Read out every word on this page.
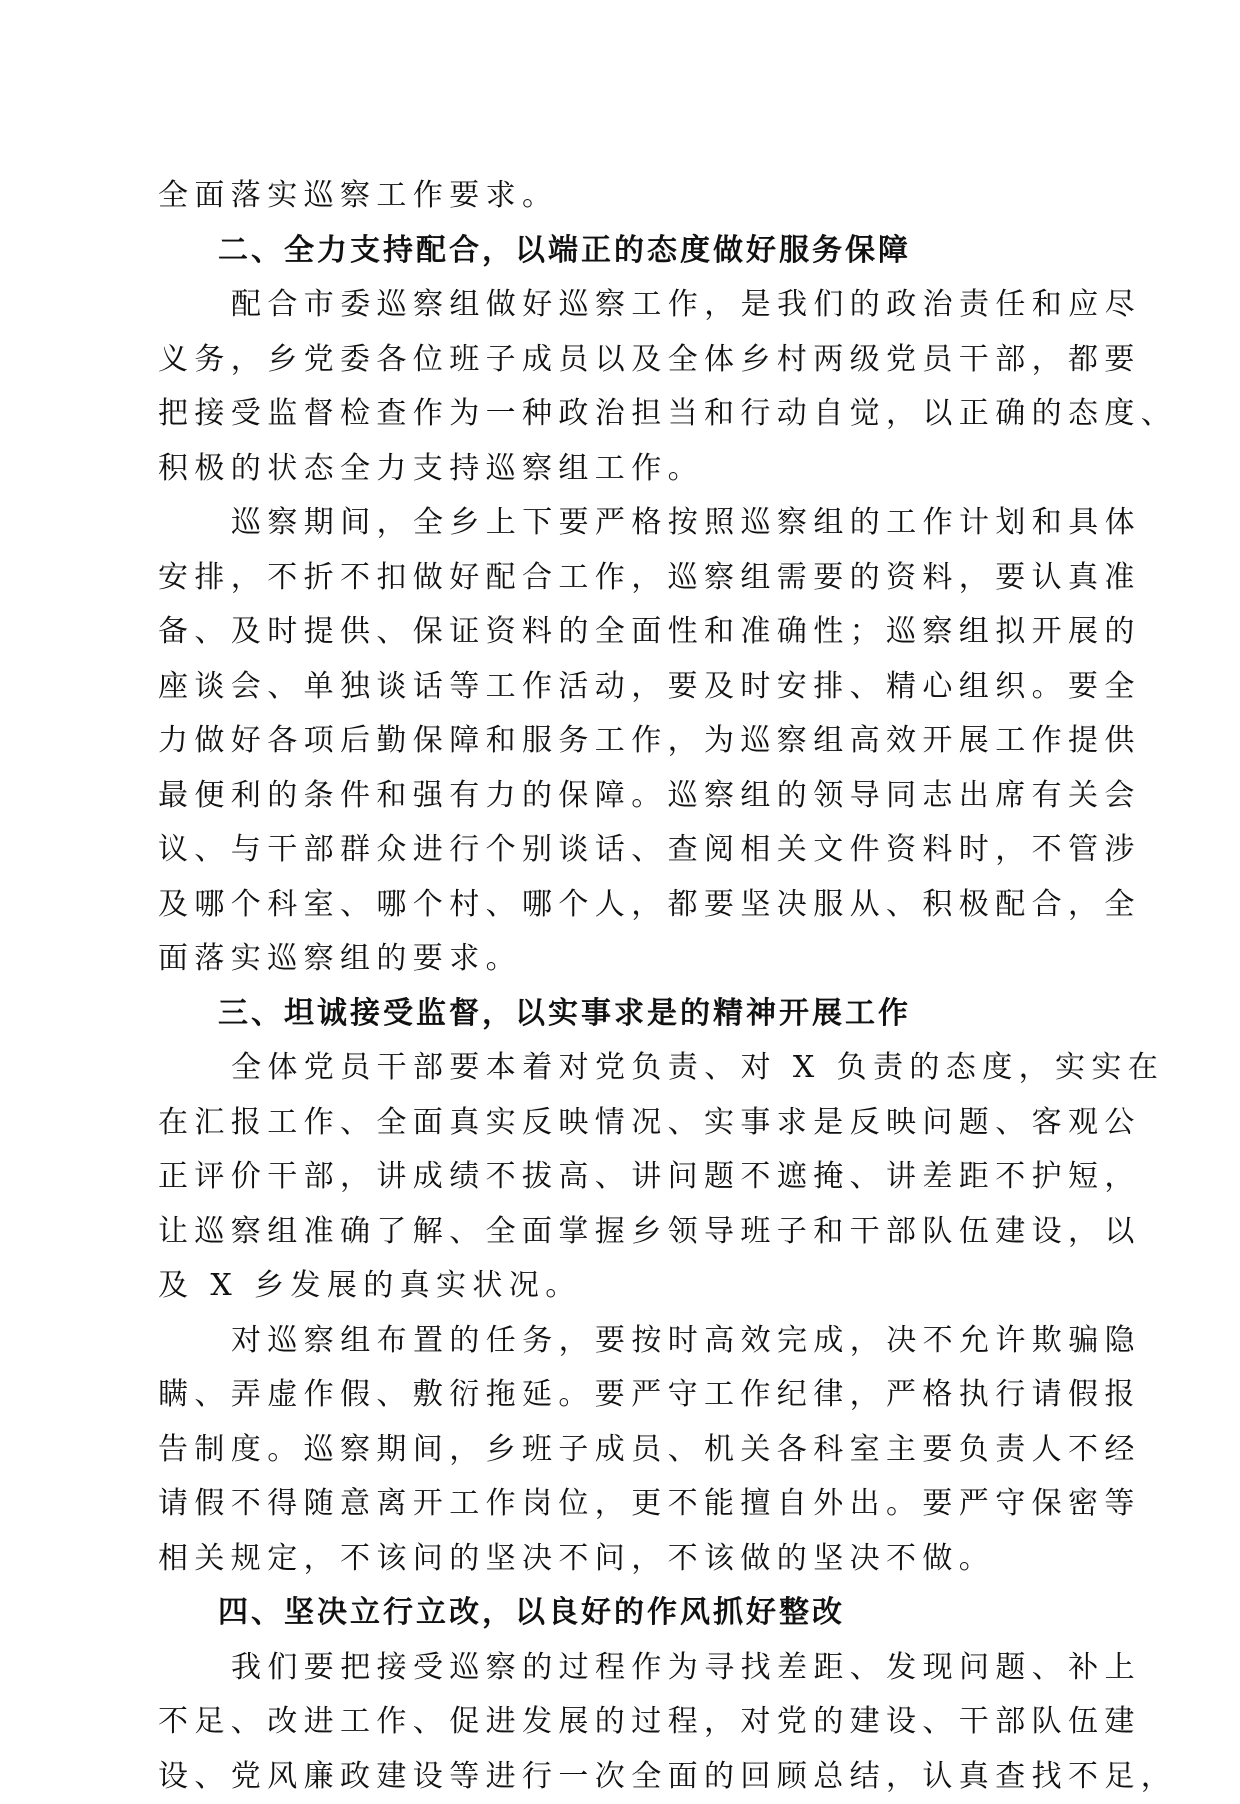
全面落实巡察工作要求。
二、全力支持配合，以端正的态度做好服务保障
配合市委巡察组做好巡察工作，是我们的政治责任和应尽
义务，乡党委各位班子成员以及全体乡村两级党员干部，都要
把接受监督检查作为一种政治担当和行动自觉，以正确的态度、
积极的状态全力支持巡察组工作。
巡察期间，全乡上下要严格按照巡察组的工作计划和具体
安排，不折不扣做好配合工作，巡察组需要的资料，要认真准
备、及时提供、保证资料的全面性和准确性；巡察组拟开展的
座谈会、单独谈话等工作活动，要及时安排、精心组织。要全
力做好各项后勤保障和服务工作，为巡察组高效开展工作提供
最便利的条件和强有力的保障。巡察组的领导同志出席有关会
议、与干部群众进行个别谈话、查阅相关文件资料时，不管涉
及哪个科室、哪个村、哪个人，都要坚决服从、积极配合，全
面落实巡察组的要求。
三、坦诚接受监督，以实事求是的精神开展工作
全体党员干部要本着对党负责、对 X 负责的态度，实实在
在汇报工作、全面真实反映情况、实事求是反映问题、客观公
正评价干部，讲成绩不拔高、讲问题不遮掩、讲差距不护短，
让巡察组准确了解、全面掌握乡领导班子和干部队伍建设，以
及 X 乡发展的真实状况。
对巡察组布置的任务，要按时高效完成，决不允许欺骗隐
瞒、弄虚作假、敷衍拖延。要严守工作纪律，严格执行请假报
告制度。巡察期间，乡班子成员、机关各科室主要负责人不经
请假不得随意离开工作岗位，更不能擅自外出。要严守保密等
相关规定，不该问的坚决不问，不该做的坚决不做。
四、坚决立行立改，以良好的作风抓好整改
我们要把接受巡察的过程作为寻找差距、发现问题、补上
不足、改进工作、促进发展的过程，对党的建设、干部队伍建
设、党风廉政建设等进行一次全面的回顾总结，认真查找不足，
